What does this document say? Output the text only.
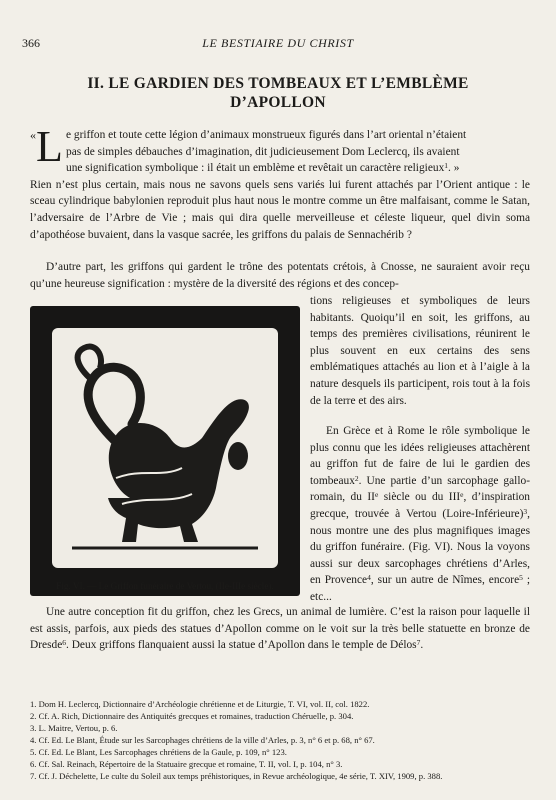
366	LE BESTIAIRE DU CHRIST
II. LE GARDIEN DES TOMBEAUX ET L’EMBLÈME
D’APOLLON
« L e griffon et toute cette légion d’animaux monstrueux figurés dans l’art oriental n’étaient
pas de simples débauches d’imagination, dit judicieusement Dom Leclercq, ils avaient
une signification symbolique : il était un emblème et revêtait un caractère religieux$^1$. »
Rien n’est plus certain, mais nous ne savons quels sens variés lui furent attachés par l’Orient antique : le sceau cylindrique babylonien reproduit plus haut nous le montre comme un être malfaisant, comme le Satan, l’adversaire de l’Arbre de Vie ; mais qui dira quelle merveilleuse et céleste liqueur, quel divin soma d’apothéose buvaient, dans la vasque sacrée, les griffons du palais de Sennachérib ?
D’autre part, les griffons qui gardent le trône des potentats crétois, à Cnosse, ne sauraient avoir reçu qu’une heureuse signification : mystère de la diversité des régions et des concep-
Fig. VI. — Le Griffon funéraire de Vertou, (IIe-IIIe siècle).
tions religieuses et symboliques de leurs habitants. Quoiqu’il en soit, les griffons, au temps des premières civilisations, réunirent le plus souvent en eux certains des sens emblématiques attachés au lion et à l’aigle à la nature desquels ils participent, rois tout à la fois de la terre et des airs.
En Grèce et à Rome le rôle symbolique le plus connu que les idées religieuses attachèrent au griffon fut de faire de lui le gardien des tombeaux$^2$. Une partie d’un sarcophage gallo-romain, du IIe siècle ou du IIIe, d’inspiration grecque, trouvée à Vertou (Loire-Inférieure)$^3$, nous montre une des plus magnifiques images du griffon funéraire. (Fig. VI). Nous la voyons aussi sur deux sarcophages chrétiens d’Arles, en Provence$^4$, sur un autre de Nîmes, encore$^5$ ; etc...
Une autre conception fit du griffon, chez les Grecs, un animal de lumière. C’est la raison pour laquelle il est assis, parfois, aux pieds des statues d’Apollon comme on le voit sur la très belle statuette en bronze de Dresde$^6$. Deux griffons flanquaient aussi la statue d’Apollon dans le temple de Délos$^7$.
1. Dom H. Leclercq, Dictionnaire d’Archéologie chrétienne et de Liturgie, T. VI, vol. II, col. 1822.
2. Cf. A. Rich, Dictionnaire des Antiquités grecques et romaines, traduction Chéruelle, p. 304.
3. L. Maitre, Vertou, p. 6.
4. Cf. Ed. Le Blant, Étude sur les Sarcophages chrétiens de la ville d’Arles, p. 3, n° 6 et p. 68, n° 67.
5. Cf. Ed. Le Blant, Les Sarcophages chrétiens de la Gaule, p. 109, n° 123.
6. Cf. Sal. Reinach, Répertoire de la Statuaire grecque et romaine, T. II, vol. I, p. 104, n° 3.
7. Cf. J. Déchelette, Le culte du Soleil aux temps préhistoriques, in Revue archéologique, 4e série, T. XIV, 1909, p. 388.
